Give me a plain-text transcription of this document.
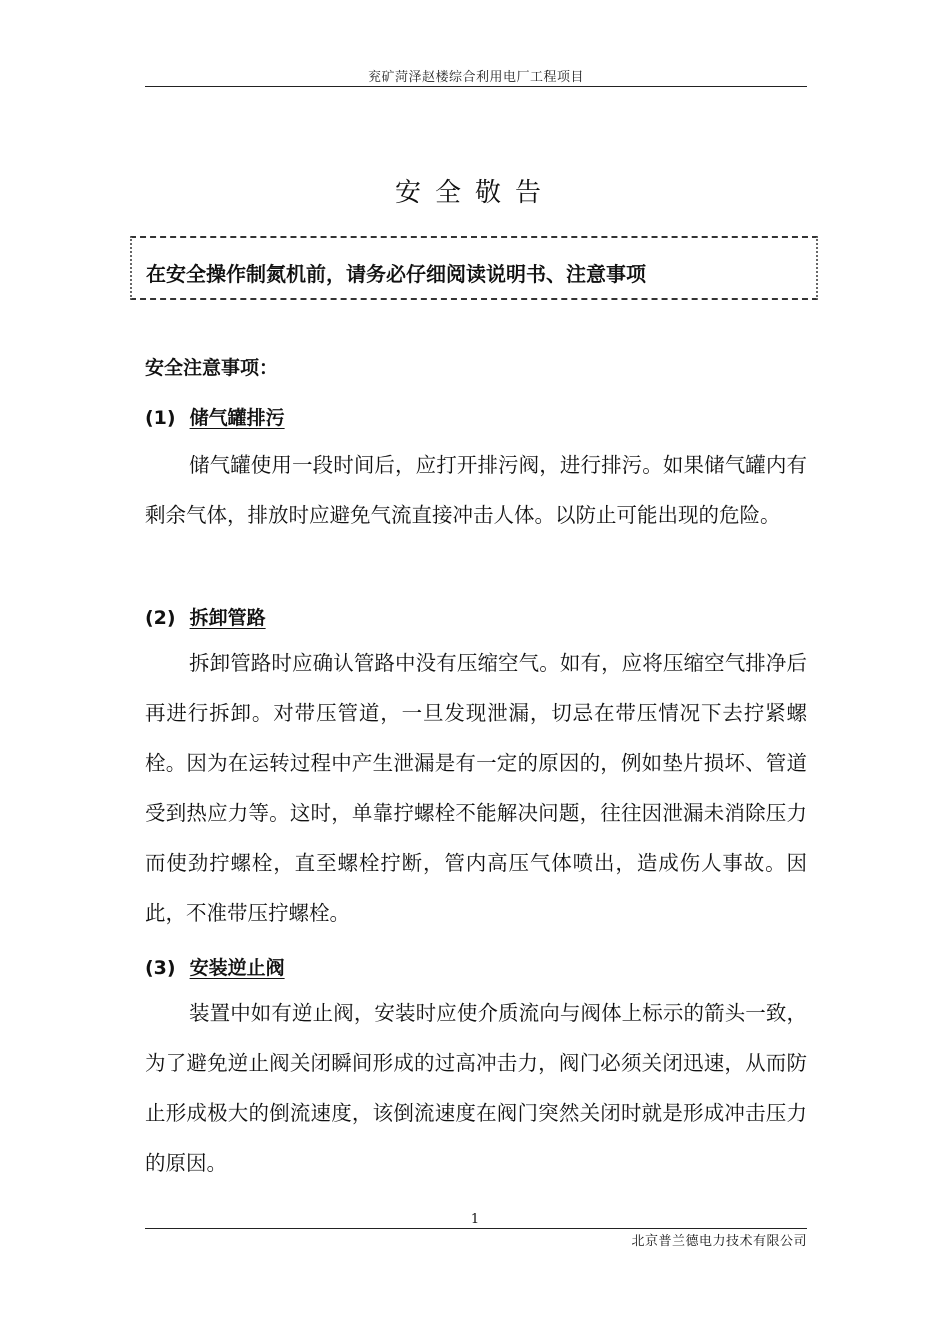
兖矿菏泽赵楼综合利用电厂工程项目
安全敬告
在安全操作制氮机前，请务必仔细阅读说明书、注意事项
安全注意事项：
(1) 储气罐排污

储气罐使用一段时间后，应打开排污阀，进行排污。如果储气罐内有剩余气体，排放时应避免气流直接冲击人体。以防止可能出现的危险。

(2) 拆卸管路

拆卸管路时应确认管路中没有压缩空气。如有，应将压缩空气排净后再进行拆卸。对带压管道，一旦发现泄漏，切忌在带压情况下去拧紧螺栓。因为在运转过程中产生泄漏是有一定的原因的，例如垫片损坏、管道受到热应力等。这时，单靠拧螺栓不能解决问题，往往因泄漏未消除压力而使劲拧螺栓，直至螺栓拧断，管内高压气体喷出，造成伤人事故。因此，不准带压拧螺栓。

(3) 安装逆止阀

装置中如有逆止阀，安装时应使介质流向与阀体上标示的箭头一致，为了避免逆止阀关闭瞬间形成的过高冲击力，阀门必须关闭迅速，从而防止形成极大的倒流速度，该倒流速度在阀门突然关闭时就是形成冲击压力的原因。

1
北京普兰德电力技术有限公司
